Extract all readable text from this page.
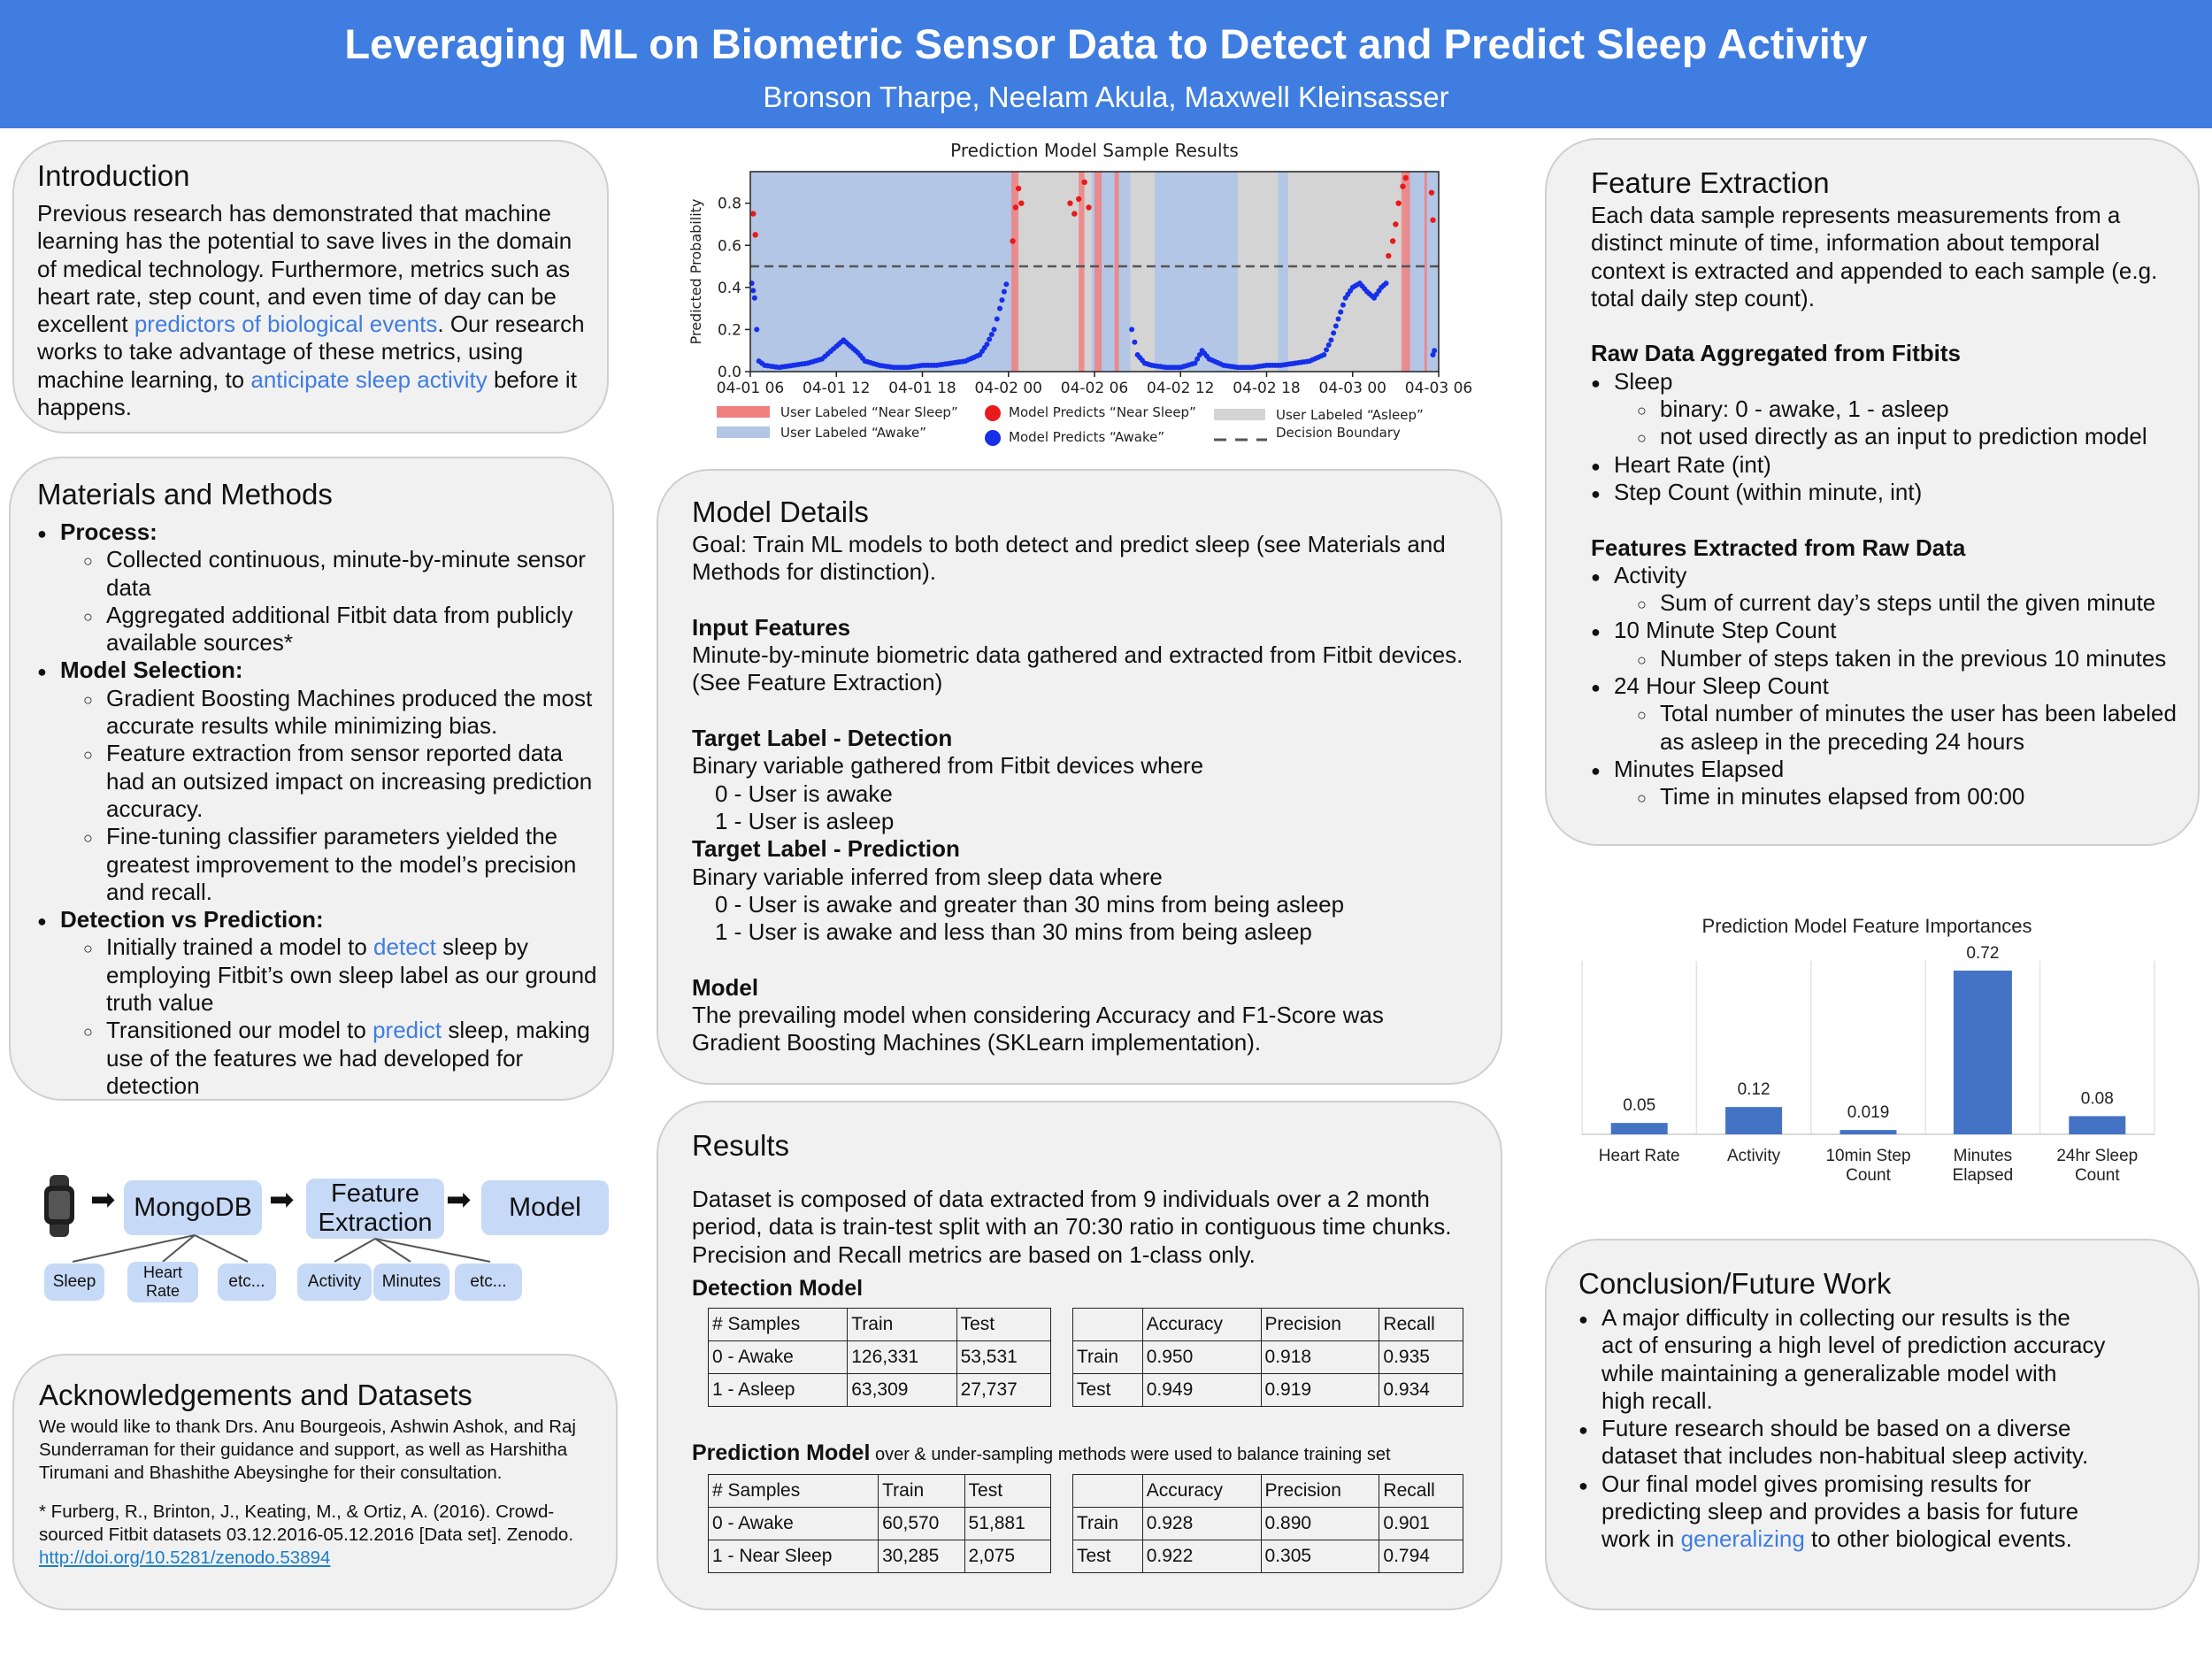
Leveraging ML on Biometric Sensor Data to Detect and Predict Sleep Activity
Bronson Tharpe, Neelam Akula, Maxwell Kleinsasser
Introduction

Previous research has demonstrated that machine learning has the potential to save lives in the domain of medical technology. Furthermore, metrics such as heart rate, step count, and even time of day can be excellent predictors of biological events. Our research works to take advantage of these metrics, using machine learning, to anticipate sleep activity before it happens.

Materials and Methods
● Process:
○ Collected continuous, minute-by-minute sensor data
○ Aggregated additional Fitbit data from publicly available sources*
● Model Selection:
○ Gradient Boosting Machines produced the most accurate results while minimizing bias.
○ Feature extraction from sensor reported data had an outsized impact on increasing prediction accuracy.
○ Fine-tuning classifier parameters yielded the greatest improvement to the model’s precision and recall.
● Detection vs Prediction:
○ Initially trained a model to detect sleep by employing Fitbit’s own sleep label as our ground truth value
○ Transitioned our model to predict sleep, making use of the features we had developed for detection
➡ MongoDB ➡	Feature
Extraction
➡	Model
Sleep	Heart
Rate	etc...	Activity	Minutes	etc...
Acknowledgements and Datasets

We would like to thank Drs. Anu Bourgeois, Ashwin Ashok, and Raj Sunderraman for their guidance and support, as well as Harshitha Tirumani and Bhashithe Abeysinghe for their consultation.

* Furberg, R., Brinton, J., Keating, M., & Ortiz, A. (2016). Crowd-sourced Fitbit datasets 03.12.2016-05.12.2016 [Data set]. Zenodo. http://doi.org/10.5281/zenodo.53894

Prediction Model Sample Results
0.0
0.2
0.4
0.6
0.8
04-01 06 04-01 12 04-01 18 04-02 00 04-02 06 04-02 12 04-02 18 04-03 00 04-03 06
Predicted Probability
User Labeled “Near Sleep”
User Labeled “Awake”
Model Predicts “Near Sleep”
Model Predicts “Awake”
User Labeled “Asleep”
Decision Boundary
Model Details

Goal: Train ML models to both detect and predict sleep (see Materials and Methods for distinction).

Input Features

Minute-by-minute biometric data gathered and extracted from Fitbit devices. (See Feature Extraction)

Target Label - Detection

Binary variable gathered from Fitbit devices where

0 - User is awake

1 - User is asleep

Target Label - Prediction

Binary variable inferred from sleep data where

0 - User is awake and greater than 30 mins from being asleep

1 - User is awake and less than 30 mins from being asleep

Model

The prevailing model when considering Accuracy and F1-Score was Gradient Boosting Machines (SKLearn implementation).

Results

Dataset is composed of data extracted from 9 individuals over a 2 month period, data is train-test split with an 70:30 ratio in contiguous time chunks. Precision and Recall metrics are based on 1-class only.

Detection Model
# Samples	Train	Test
0 - Awake	126,331	53,531
1 - Asleep	63,309	27,737
	Accuracy	Precision	Recall
Train	0.950	0.918	0.935
Test	0.949	0.919	0.934
Prediction Model over & under-sampling methods were used to balance training set
# Samples	Train	Test
0 - Awake	60,570	51,881
1 - Near Sleep	30,285	2,075
	Accuracy	Precision	Recall
Train	0.928	0.890	0.901
Test	0.922	0.305	0.794
Feature Extraction

Each data sample represents measurements from a distinct minute of time, information about temporal context is extracted and appended to each sample (e.g. total daily step count).

Raw Data Aggregated from Fitbits

● Sleep
○ binary: 0 - awake, 1 - asleep
○ not used directly as an input to prediction model
● Heart Rate (int)
● Step Count (within minute, int)

Features Extracted from Raw Data

● Activity
○ Sum of current day’s steps until the given minute
● 10 Minute Step Count
○ Number of steps taken in the previous 10 minutes
● 24 Hour Sleep Count
○ Total number of minutes the user has been labeled as asleep in the preceding 24 hours
● Minutes Elapsed
○ Time in minutes elapsed from 00:00
Prediction Model Feature Importances
0.05
Heart Rate
0.12
Activity
0.019
10min Step
Count
0.72
Minutes
Elapsed
0.08
24hr Sleep
Count
Conclusion/Future Work
● A major difficulty in collecting our results is the act of ensuring a high level of prediction accuracy while maintaining a generalizable model with high recall.
● Future research should be based on a diverse dataset that includes non-habitual sleep activity.
● Our final model gives promising results for predicting sleep and provides a basis for future work in generalizing to other biological events.
